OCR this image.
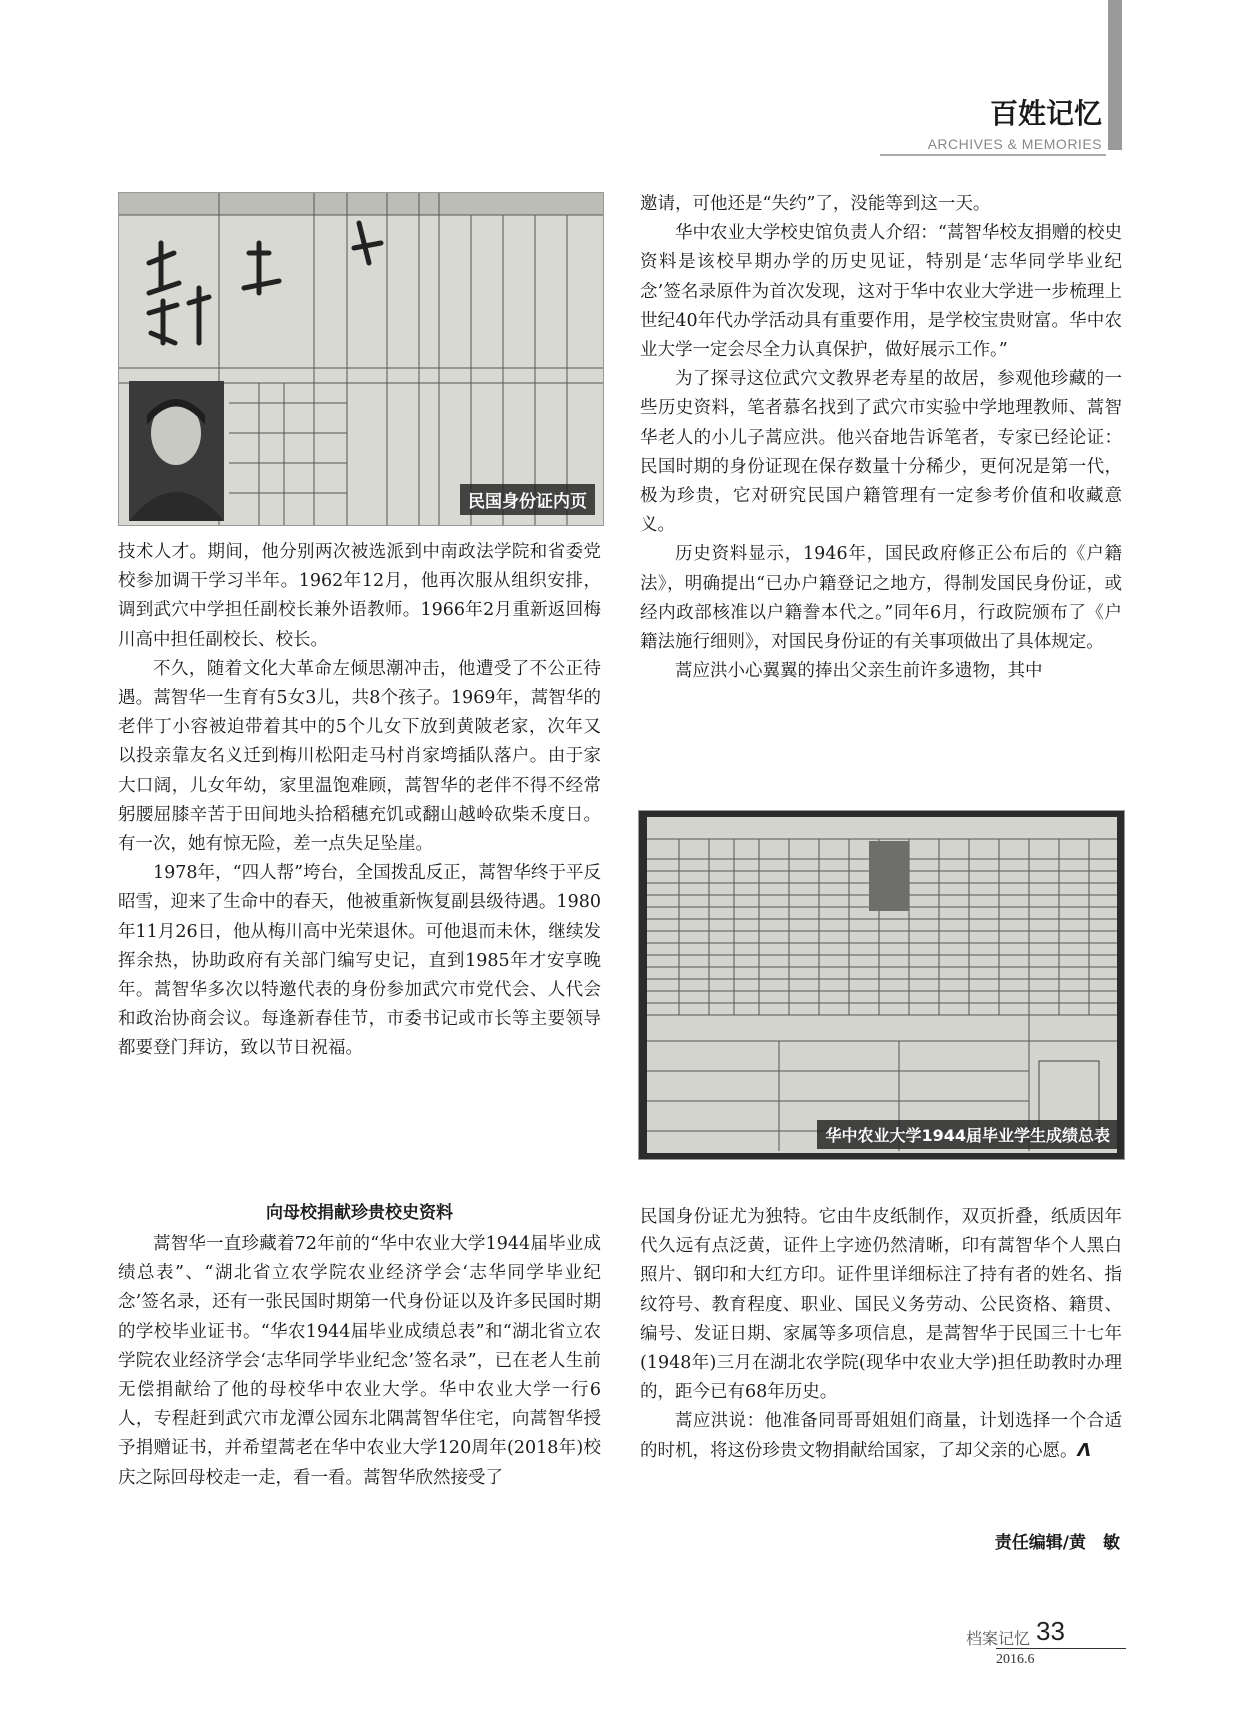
百姓记忆
ARCHIVES & MEMORIES
民国身份证内页

技术人才。期间，他分别两次被选派到中南政法学院和省委党校参加调干学习半年。1962年12月，他再次服从组织安排，调到武穴中学担任副校长兼外语教师。1966年2月重新返回梅川高中担任副校长、校长。

不久，随着文化大革命左倾思潮冲击，他遭受了不公正待遇。蒿智华一生育有5女3儿，共8个孩子。1969年，蒿智华的老伴丁小容被迫带着其中的5个儿女下放到黄陂老家，次年又以投亲靠友名义迁到梅川松阳走马村肖家塆插队落户。由于家大口阔，儿女年幼，家里温饱难顾，蒿智华的老伴不得不经常躬腰屈膝辛苦于田间地头拾稻穗充饥或翻山越岭砍柴禾度日。有一次，她有惊无险，差一点失足坠崖。

1978年，“四人帮”垮台，全国拨乱反正，蒿智华终于平反昭雪，迎来了生命中的春天，他被重新恢复副县级待遇。1980年11月26日，他从梅川高中光荣退休。可他退而未休，继续发挥余热，协助政府有关部门编写史记，直到1985年才安享晚年。蒿智华多次以特邀代表的身份参加武穴市党代会、人代会和政治协商会议。每逢新春佳节，市委书记或市长等主要领导都要登门拜访，致以节日祝福。

向母校捐献珍贵校史资料

蒿智华一直珍藏着72年前的“华中农业大学1944届毕业成绩总表”、“湖北省立农学院农业经济学会‘志华同学毕业纪念’签名录，还有一张民国时期第一代身份证以及许多民国时期的学校毕业证书。“华农1944届毕业成绩总表”和“湖北省立农学院农业经济学会‘志华同学毕业纪念’签名录”，已在老人生前无偿捐献给了他的母校华中农业大学。华中农业大学一行6人，专程赶到武穴市龙潭公园东北隅蒿智华住宅，向蒿智华授予捐赠证书，并希望蒿老在华中农业大学120周年(2018年)校庆之际回母校走一走，看一看。蒿智华欣然接受了

邀请，可他还是“失约”了，没能等到这一天。

华中农业大学校史馆负责人介绍：“蒿智华校友捐赠的校史资料是该校早期办学的历史见证，特别是‘志华同学毕业纪念’签名录原件为首次发现，这对于华中农业大学进一步梳理上世纪40年代办学活动具有重要作用，是学校宝贵财富。华中农业大学一定会尽全力认真保护，做好展示工作。”

为了探寻这位武穴文教界老寿星的故居，参观他珍藏的一些历史资料，笔者慕名找到了武穴市实验中学地理教师、蒿智华老人的小儿子蒿应洪。他兴奋地告诉笔者，专家已经论证：民国时期的身份证现在保存数量十分稀少，更何况是第一代，极为珍贵，它对研究民国户籍管理有一定参考价值和收藏意义。

历史资料显示，1946年，国民政府修正公布后的《户籍法》，明确提出“已办户籍登记之地方，得制发国民身份证，或经内政部核准以户籍誊本代之。”同年6月，行政院颁布了《户籍法施行细则》，对国民身份证的有关事项做出了具体规定。

蒿应洪小心翼翼的捧出父亲生前许多遗物，其中

华中农业大学1944届毕业学生成绩总表

民国身份证尤为独特。它由牛皮纸制作，双页折叠，纸质因年代久远有点泛黄，证件上字迹仍然清晰，印有蒿智华个人黑白照片、钢印和大红方印。证件里详细标注了持有者的姓名、指纹符号、教育程度、职业、国民义务劳动、公民资格、籍贯、编号、发证日期、家属等多项信息，是蒿智华于民国三十七年(1948年)三月在湖北农学院(现华中农业大学)担任助教时办理的，距今已有68年历史。

蒿应洪说：他准备同哥哥姐姐们商量，计划选择一个合适的时机，将这份珍贵文物捐献给国家，了却父亲的心愿。Λ

责任编辑/黄　敏
档案记忆 33
2016.6
